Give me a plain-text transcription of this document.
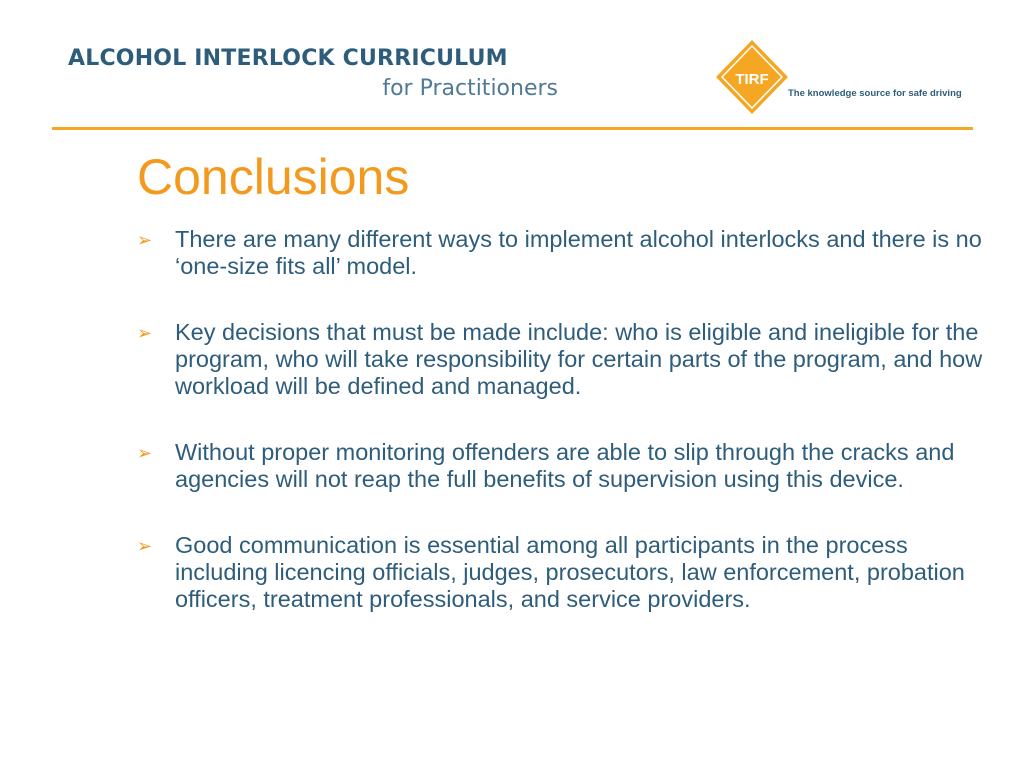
ALCOHOL INTERLOCK CURRICULUM
for Practitioners	TIRF
The knowledge source for safe driving
Conclusions
➢ There are many different ways to implement alcohol interlocks and there is no ‘one-size fits all’ model.
➢ Key decisions that must be made include: who is eligible and ineligible for the program, who will take responsibility for certain parts of the program, and how workload will be defined and managed.
➢ Without proper monitoring offenders are able to slip through the cracks and agencies will not reap the full benefits of supervision using this device.
➢ Good communication is essential among all participants in the process including licencing officials, judges, prosecutors, law enforcement, probation officers, treatment professionals, and service providers.
